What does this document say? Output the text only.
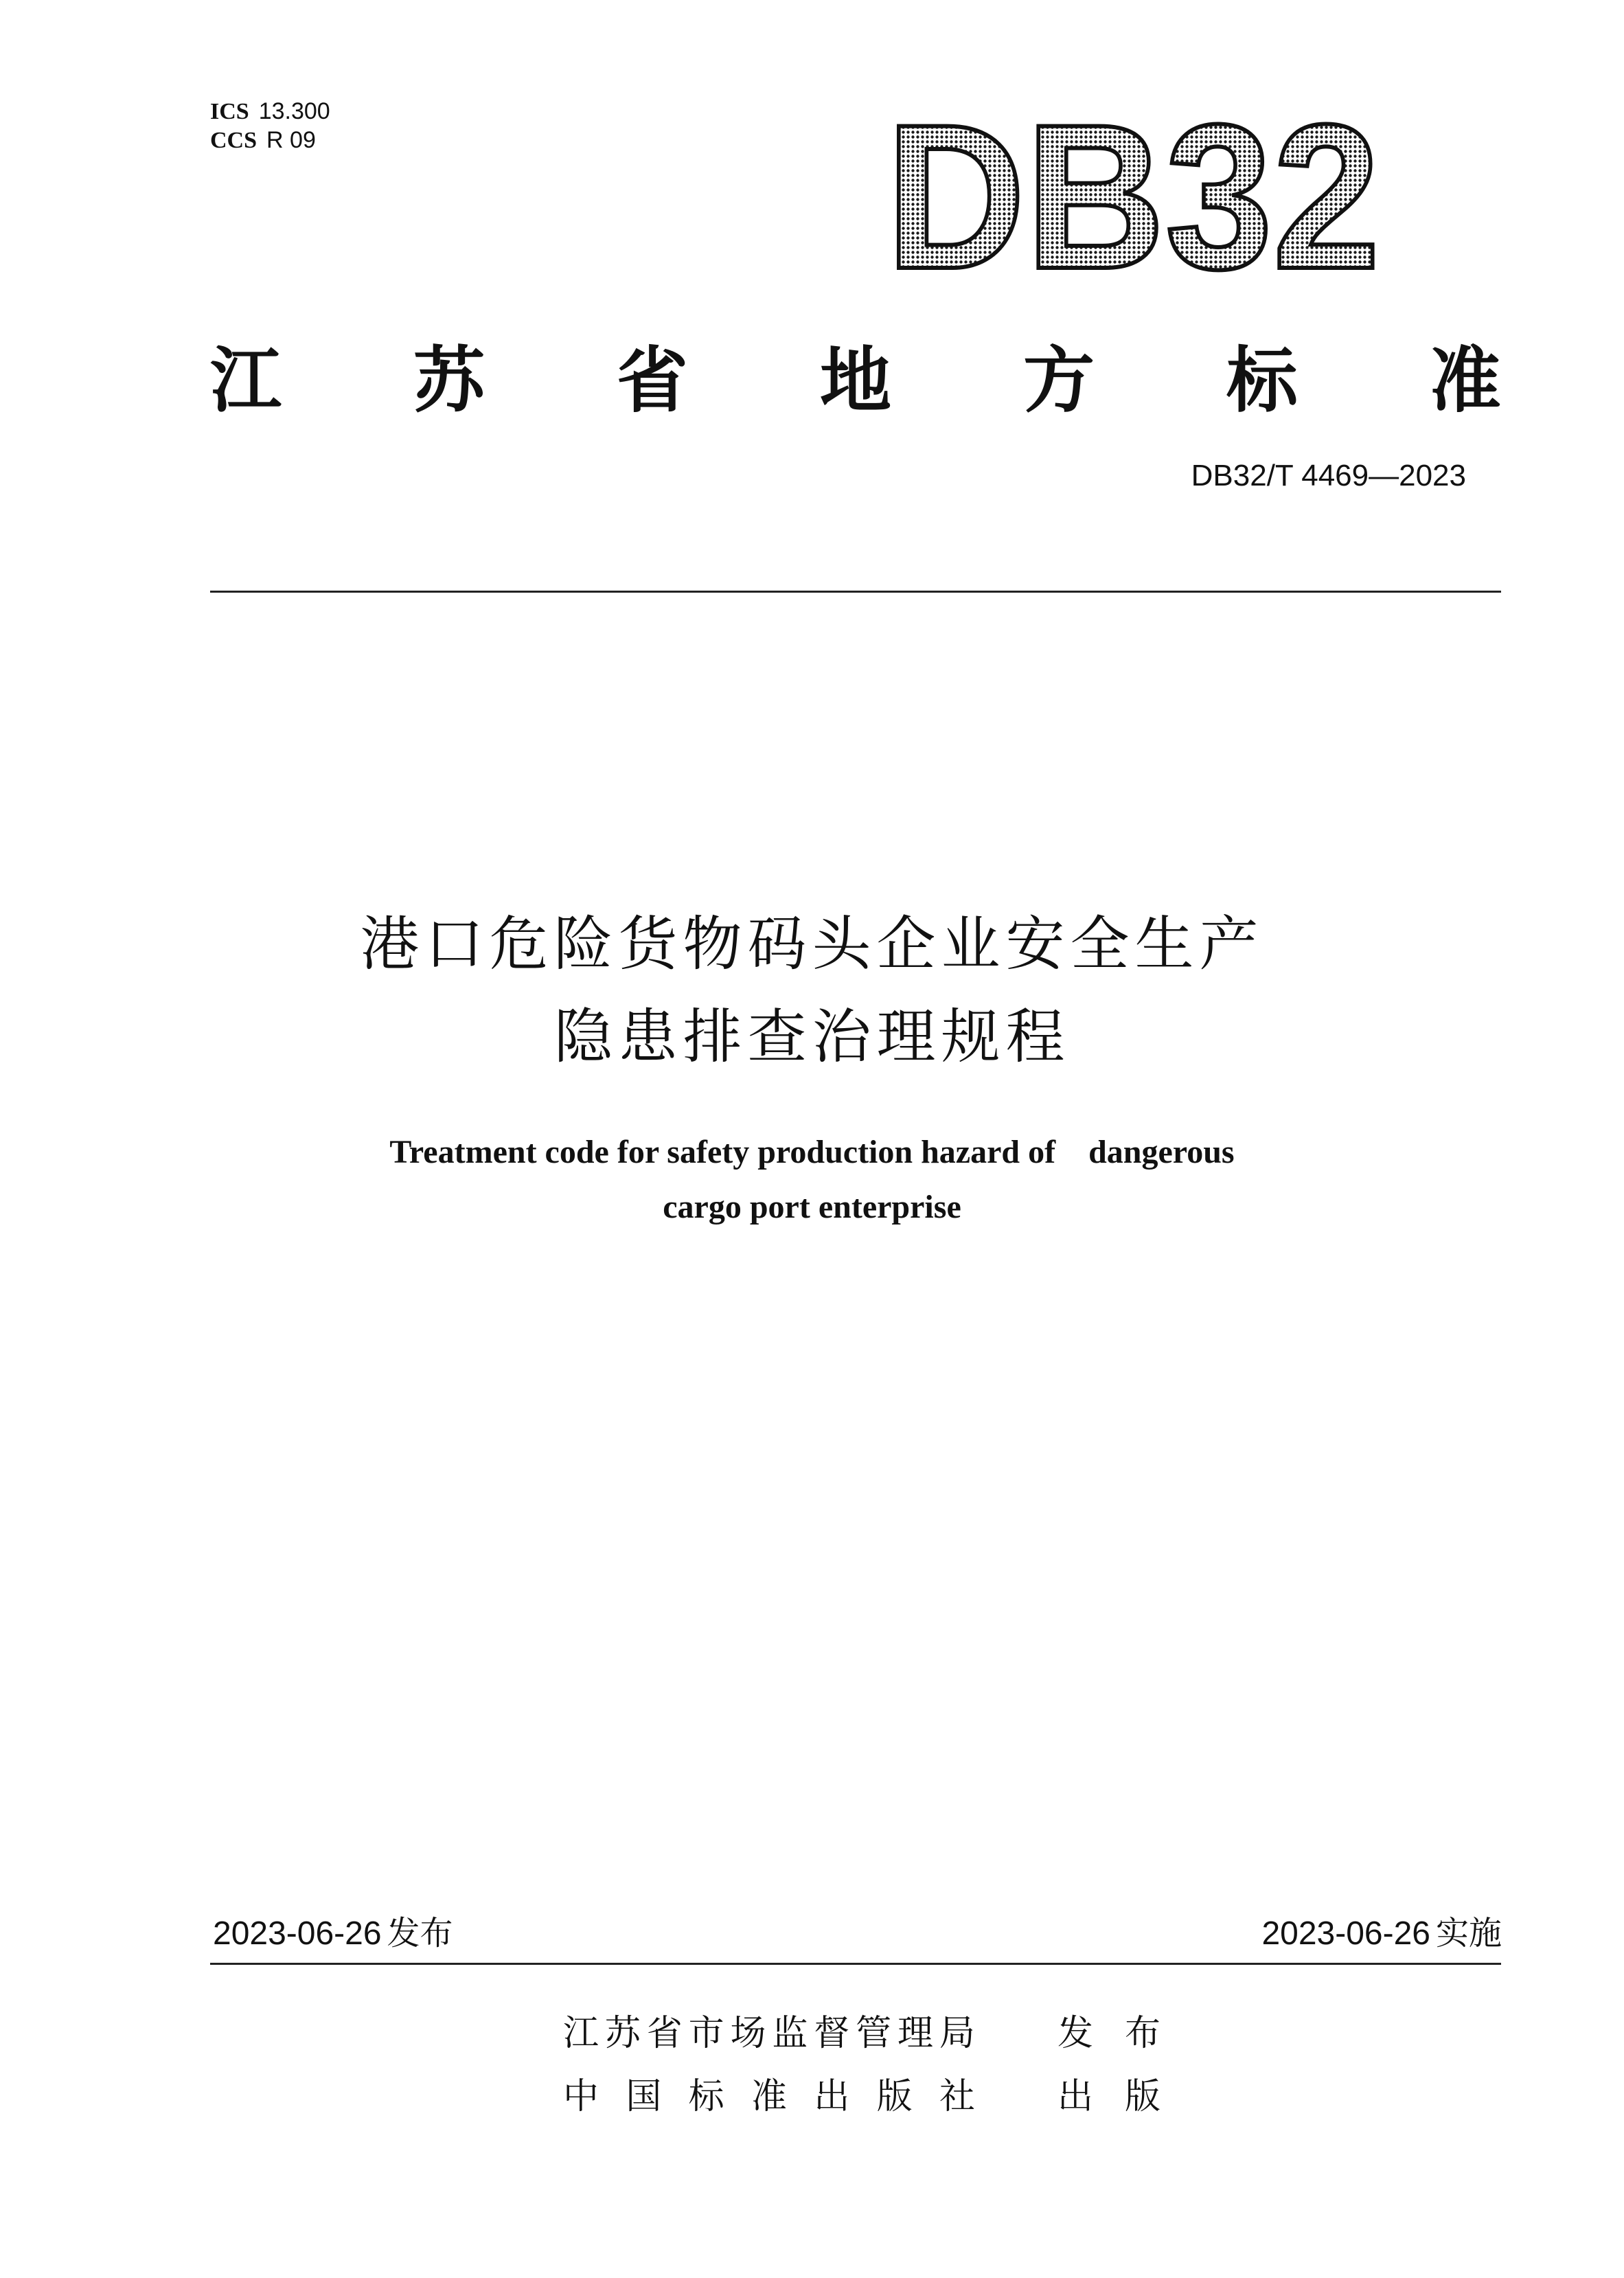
ICS 13.300
CCS R 09	DB32
江 苏 省 地 方 标 准
DB32/T 4469—2023
港口危险货物码头企业安全生产
隐患排查治理规程
Treatment code for safety production hazard of    dangerous
cargo port enterprise
2023-06-26 发布	2023-06-26 实施
江 苏 省 市 场 监 督 管 理 局 发 布
中 国 标 准 出 版 社 出 版
